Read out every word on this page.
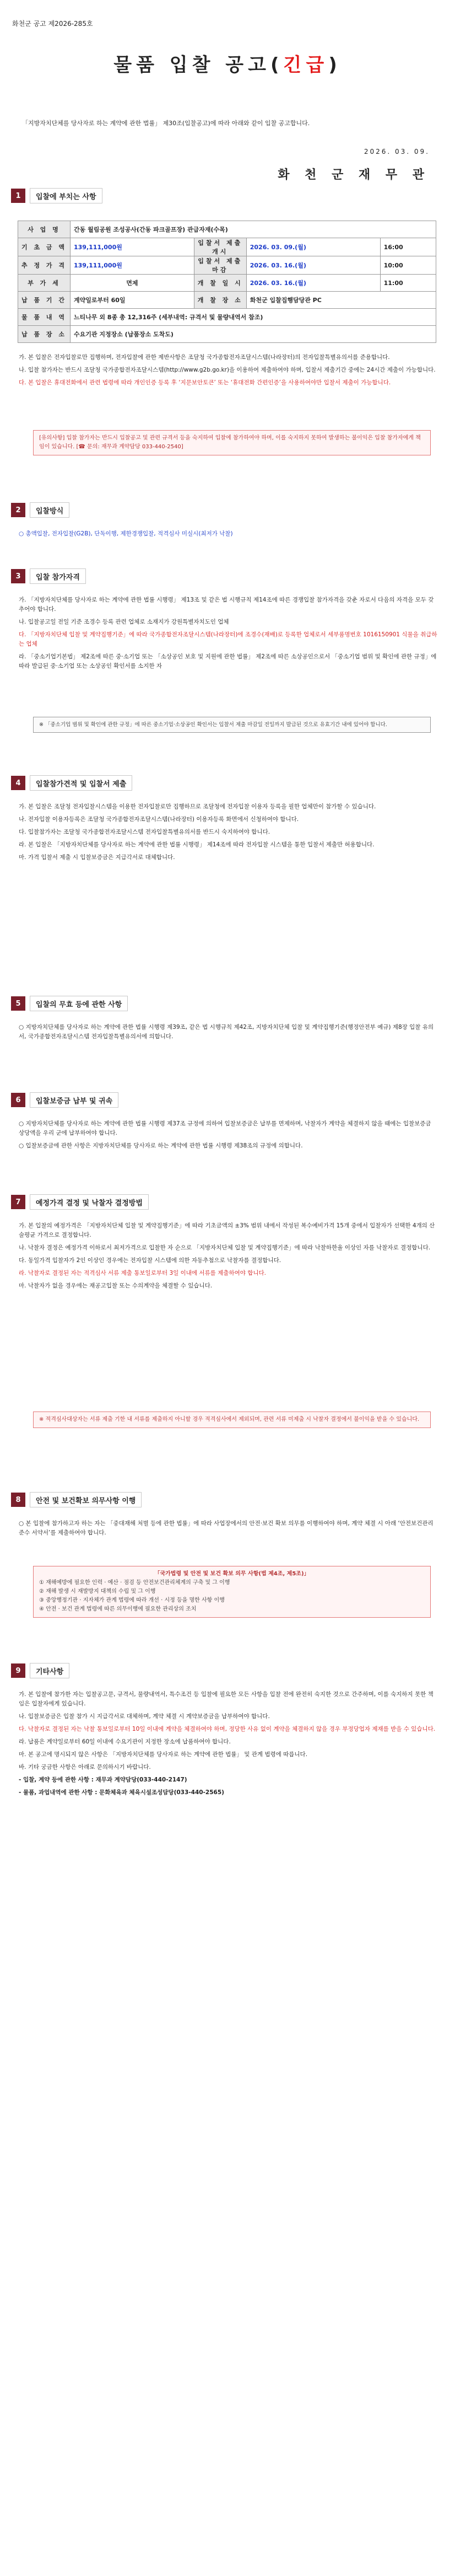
화천군 공고 제2026-285호
물품 입찰 공고(긴급)
「지방자치단체를 당사자로 하는 계약에 관한 법률」 제30조(입찰공고)에 따라 아래와 같이 입찰 공고합니다.
2026. 03. 09.
화 천 군 재 무 관
1	입찰에 부치는 사항
사 업 명	간동 월림공원 조성공사(간동 파크골프장) 관급자재(수목)			
기 초 금 액	139,111,000원	입찰서 제출 개시	2026. 03. 09.(월)	16:00
추 정 가 격	139,111,000원	입찰서 제출 마감	2026. 03. 16.(월)	10:00
부 가 세	면제	개 찰 일 시	2026. 03. 16.(월)	11:00
납 품 기 간	계약일로부터 60일	개 찰 장 소	화천군 입찰집행담당관 PC	
물 품 내 역	느티나무 외 8종 총 12,316주 (세부내역: 규격서 및 물량내역서 참조)			
납 품 장 소	수요기관 지정장소 (납품장소 도착도)			

가. 본 입찰은 전자입찰로만 집행하며, 전자입찰에 관한 제반사항은 조달청 국가종합전자조달시스템(나라장터)의 전자입찰특별유의서를 준용합니다.

나. 입찰 참가자는 반드시 조달청 국가종합전자조달시스템(http://www.g2b.go.kr)을 이용하여 제출하여야 하며, 입찰서 제출기간 중에는 24시간 제출이 가능합니다.

다. 본 입찰은 휴대전화에서 관련 법령에 따라 개인인증 등록 후 ‘지문보안토큰’ 또는 ‘휴대전화 간편인증’을 사용하여야만 입찰서 제출이 가능합니다.

[유의사항] 입찰 참가자는 반드시 입찰공고 및 관련 규격서 등을 숙지하여 입찰에 참가하여야 하며, 이를 숙지하지 못하여 발생하는 불이익은 입찰 참가자에게 책임이 있습니다. [☎ 문의: 재무과 계약담당 033-440-2540]
2	입찰방식
○ 총액입찰, 전자입찰(G2B), 단독이행, 제한경쟁입찰, 적격심사 미실시(최저가 낙찰)
3	입찰 참가자격

가. 「지방자치단체를 당사자로 하는 계약에 관한 법률 시행령」 제13조 및 같은 법 시행규칙 제14조에 따른 경쟁입찰 참가자격을 갖춘 자로서 다음의 자격을 모두 갖추어야 합니다.

나. 입찰공고일 전일 기준 조경수 등록 관련 업체로 소재지가 강원특별자치도인 업체

다. 「지방자치단체 입찰 및 계약집행기준」에 따라 국가종합전자조달시스템(나라장터)에 조경수(재배)로 등록한 업체로서 세부품명번호 1016150901 식물을 취급하는 업체

라. 「중소기업기본법」 제2조에 따른 중·소기업 또는 「소상공인 보호 및 지원에 관한 법률」 제2조에 따른 소상공인으로서 「중소기업 범위 및 확인에 관한 규정」에 따라 발급된 중·소기업 또는 소상공인 확인서를 소지한 자

※ 「중소기업 범위 및 확인에 관한 규정」에 따른 중소기업·소상공인 확인서는 입찰서 제출 마감일 전일까지 발급된 것으로 유효기간 내에 있어야 합니다.
4	입찰참가견적 및 입찰서 제출

가. 본 입찰은 조달청 전자입찰시스템을 이용한 전자입찰로만 집행하므로 조달청에 전자입찰 이용자 등록을 필한 업체만이 참가할 수 있습니다.

나. 전자입찰 이용자등록은 조달청 국가종합전자조달시스템(나라장터) 이용자등록 화면에서 신청하여야 합니다.

다. 입찰참가자는 조달청 국가종합전자조달시스템 전자입찰특별유의서를 반드시 숙지하여야 합니다.

라. 본 입찰은 「지방자치단체를 당사자로 하는 계약에 관한 법률 시행령」 제14조에 따라 전자입찰 시스템을 통한 입찰서 제출만 허용합니다.

마. 가격 입찰서 제출 시 입찰보증금은 지급각서로 대체합니다.

5	입찰의 무효 등에 관한 사항

○ 지방자치단체를 당사자로 하는 계약에 관한 법률 시행령 제39조, 같은 법 시행규칙 제42조, 지방자치단체 입찰 및 계약집행기준(행정안전부 예규) 제8장 입찰 유의서, 국가종합전자조달시스템 전자입찰특별유의서에 의합니다.

6	입찰보증금 납부 및 귀속

○ 지방자치단체를 당사자로 하는 계약에 관한 법률 시행령 제37조 규정에 의하여 입찰보증금은 납부를 면제하며, 낙찰자가 계약을 체결하지 않을 때에는 입찰보증금 상당액을 우리 군에 납부하여야 합니다.

○ 입찰보증금에 관한 사항은 지방자치단체를 당사자로 하는 계약에 관한 법률 시행령 제38조의 규정에 의합니다.

7	예정가격 결정 및 낙찰자 결정방법

가. 본 입찰의 예정가격은 「지방자치단체 입찰 및 계약집행기준」에 따라 기초금액의 ±3% 범위 내에서 작성된 복수예비가격 15개 중에서 입찰자가 선택한 4개의 산술평균 가격으로 결정합니다.

나. 낙찰자 결정은 예정가격 이하로서 최저가격으로 입찰한 자 순으로 「지방자치단체 입찰 및 계약집행기준」에 따라 낙찰하한율 이상인 자를 낙찰자로 결정합니다.

다. 동일가격 입찰자가 2인 이상인 경우에는 전자입찰 시스템에 의한 자동추첨으로 낙찰자를 결정합니다.

라. 낙찰자로 결정된 자는 적격심사 서류 제출 통보일로부터 3일 이내에 서류를 제출하여야 합니다.

마. 낙찰자가 없을 경우에는 재공고입찰 또는 수의계약을 체결할 수 있습니다.

※ 적격심사대상자는 서류 제출 기한 내 서류를 제출하지 아니할 경우 적격심사에서 제외되며, 관련 서류 미제출 시 낙찰자 결정에서 불이익을 받을 수 있습니다.
8	안전 및 보건확보 의무사항 이행
○ 본 입찰에 참가하고자 하는 자는 「중대재해 처벌 등에 관한 법률」에 따라 사업장에서의 안전·보건 확보 의무를 이행하여야 하며, 계약 체결 시 아래 ‘안전보건관리 준수 서약서’를 제출하여야 합니다.
「국가법령 및 안전 및 보건 확보 의무 사항(법 제4조, 제5조)」
① 재해예방에 필요한 인력 · 예산 · 점검 등 안전보건관리체계의 구축 및 그 이행
② 재해 발생 시 재발방지 대책의 수립 및 그 이행
③ 중앙행정기관 · 지자체가 관계 법령에 따라 개선 · 시정 등을 명한 사항 이행
④ 안전 · 보건 관계 법령에 따른 의무이행에 필요한 관리상의 조치
9	기타사항

가. 본 입찰에 참가한 자는 입찰공고문, 규격서, 물량내역서, 특수조건 등 입찰에 필요한 모든 사항을 입찰 전에 완전히 숙지한 것으로 간주하며, 이를 숙지하지 못한 책임은 입찰자에게 있습니다.

나. 입찰보증금은 입찰 참가 시 지급각서로 대체하며, 계약 체결 시 계약보증금을 납부하여야 합니다.

다. 낙찰자로 결정된 자는 낙찰 통보일로부터 10일 이내에 계약을 체결하여야 하며, 정당한 사유 없이 계약을 체결하지 않을 경우 부정당업자 제재를 받을 수 있습니다.

라. 납품은 계약일로부터 60일 이내에 수요기관이 지정한 장소에 납품하여야 합니다.

마. 본 공고에 명시되지 않은 사항은 「지방자치단체를 당사자로 하는 계약에 관한 법률」 및 관계 법령에 따릅니다.

바. 기타 궁금한 사항은 아래로 문의하시기 바랍니다.

- 입찰, 계약 등에 관한 사항 : 재무과 계약담당(033-440-2147)

- 물품, 과업내역에 관한 사항 : 문화체육과 체육시설조성담당(033-440-2565)
